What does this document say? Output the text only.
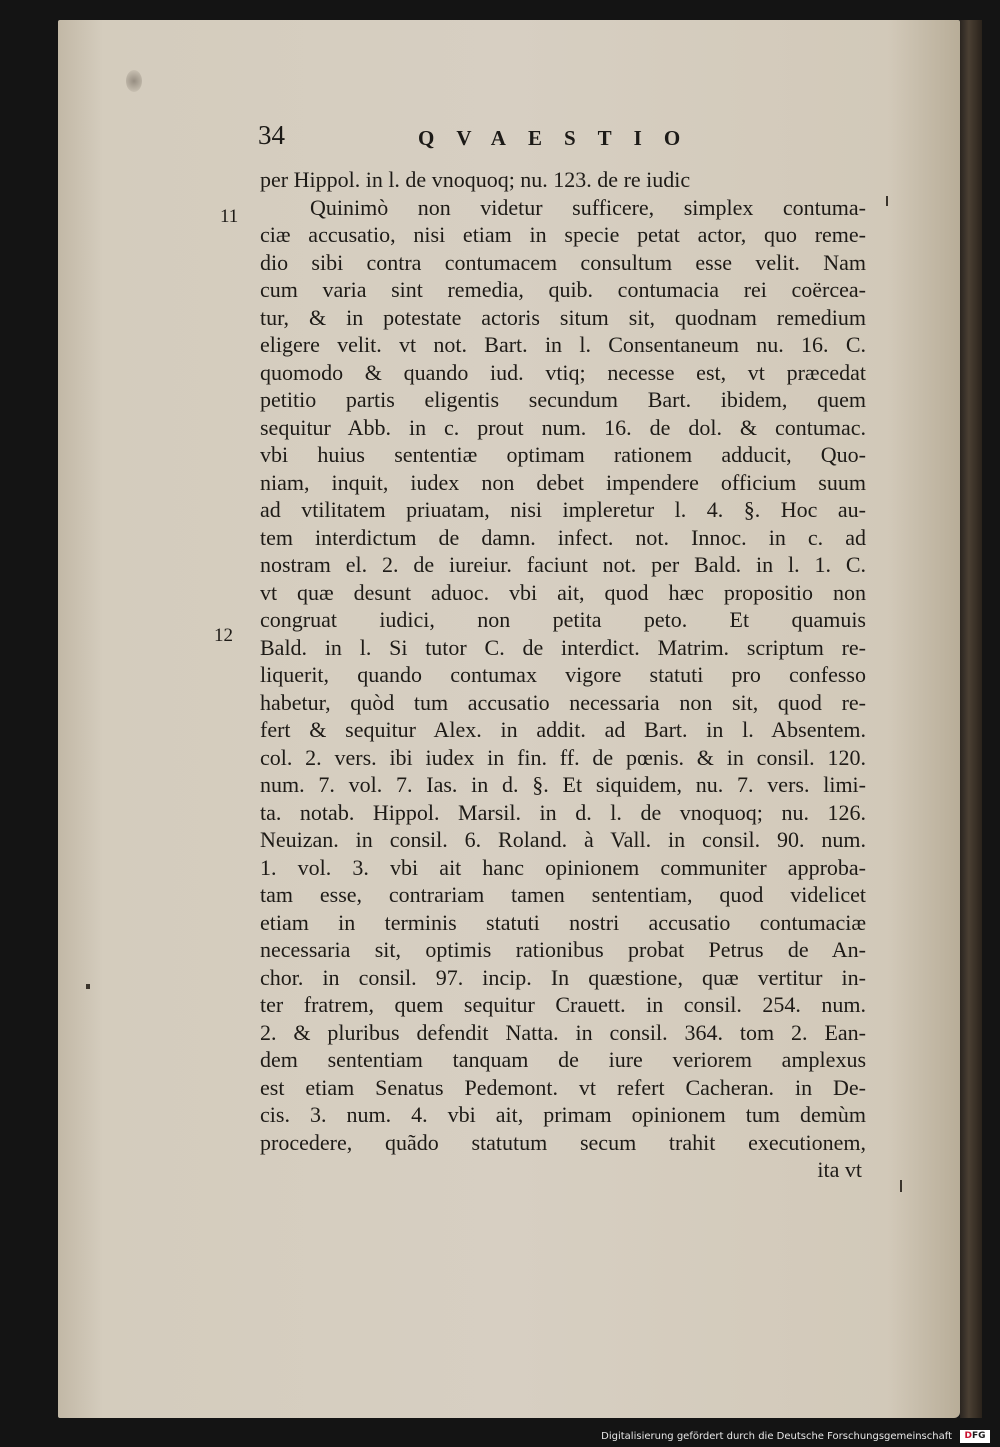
34	QVAESTIO
per Hippol. in l. de vnoquoq; nu. 123. de re iudic
Quinimò non videtur sufficere, simplex contuma-
ciæ accusatio, nisi etiam in specie petat actor, quo reme-
dio sibi contra contumacem consultum esse velit. Nam
cum varia sint remedia, quib. contumacia rei coërcea-
tur, & in potestate actoris situm sit, quodnam remedium
eligere velit. vt not. Bart. in l. Consentaneum nu. 16. C.
quomodo & quando iud. vtiq; necesse est, vt præcedat
petitio partis eligentis secundum Bart. ibidem, quem
sequitur Abb. in c. prout num. 16. de dol. & contumac.
vbi huius sententiæ optimam rationem adducit, Quo-
niam, inquit, iudex non debet impendere officium suum
ad vtilitatem priuatam, nisi impleretur l. 4. §. Hoc au-
tem interdictum de damn. infect. not. Innoc. in c. ad
nostram el. 2. de iureiur. faciunt not. per Bald. in l. 1. C.
vt quæ desunt aduoc. vbi ait, quod hæc propositio non
congruat iudici, non petita peto. Et quamuis
Bald. in l. Si tutor C. de interdict. Matrim. scriptum re-
liquerit, quando contumax vigore statuti pro confesso
habetur, quòd tum accusatio necessaria non sit, quod re-
fert & sequitur Alex. in addit. ad Bart. in l. Absentem.
col. 2. vers. ibi iudex in fin. ff. de pœnis. & in consil. 120.
num. 7. vol. 7. Ias. in d. §. Et siquidem, nu. 7. vers. limi-
ta. notab. Hippol. Marsil. in d. l. de vnoquoq; nu. 126.
Neuizan. in consil. 6. Roland. à Vall. in consil. 90. num.
1. vol. 3. vbi ait hanc opinionem communiter approba-
tam esse, contrariam tamen sententiam, quod videlicet
etiam in terminis statuti nostri accusatio contumaciæ
necessaria sit, optimis rationibus probat Petrus de An-
chor. in consil. 97. incip. In quæstione, quæ vertitur in-
ter fratrem, quem sequitur Crauett. in consil. 254. num.
2. & pluribus defendit Natta. in consil. 364. tom 2. Ean-
dem sententiam tanquam de iure veriorem amplexus
est etiam Senatus Pedemont. vt refert Cacheran. in De-
cis. 3. num. 4. vbi ait, primam opinionem tum demùm
procedere, quãdo statutum secum trahit executionem,
ita vt
11
12
Digitalisierung gefördert durch die Deutsche Forschungsgemeinschaft D FG
